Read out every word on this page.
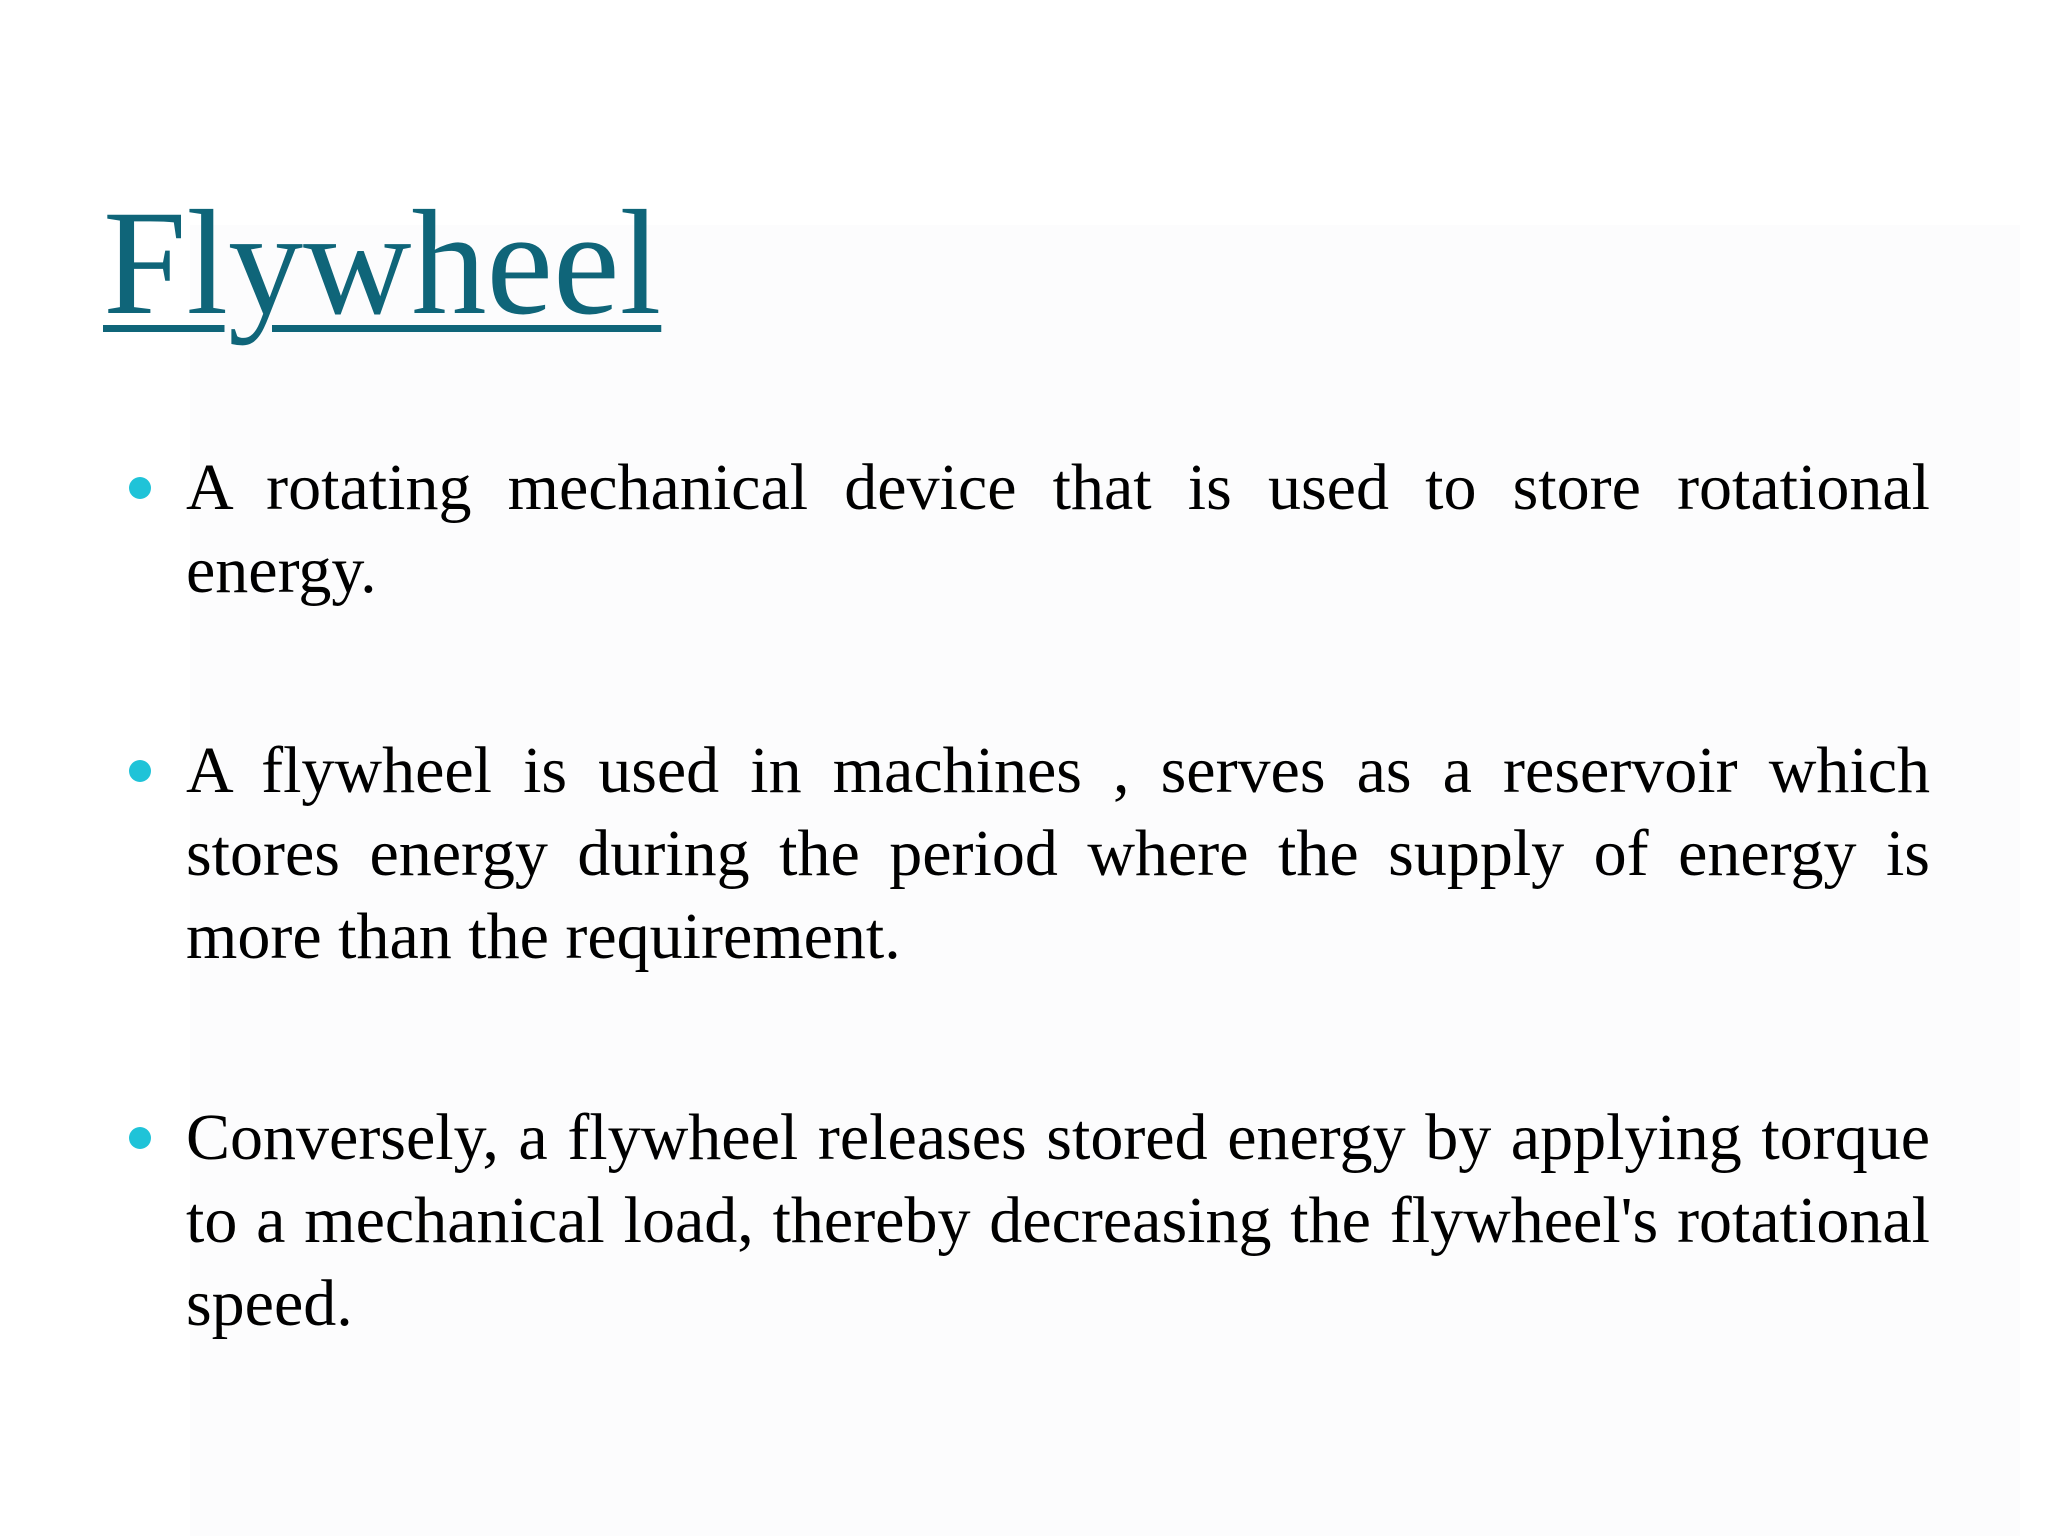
Flywheel
A rotating mechanical device that is used to store rotational energy.
A flywheel is used in machines , serves as a reservoir which stores energy during the period where the supply of energy is more than the requirement.
Conversely, a flywheel releases stored energy by applying torque to a mechanical load, thereby decreasing the flywheel's rotational speed.
